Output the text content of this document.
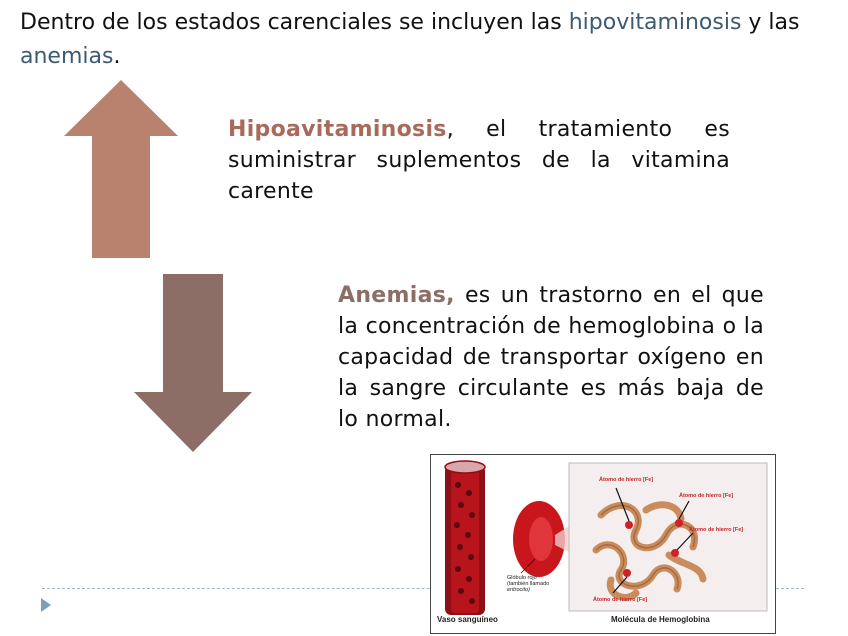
Dentro de los estados carenciales se incluyen las hipovitaminosis y las anemias.
Hipoavitaminosis, el tratamiento es suministrar suplementos de la vitamina carente
Anemias, es un trastorno en el que la concentración de hemoglobina o la capacidad de transportar oxígeno en la sangre circulante es más baja de lo normal.
Átomo de hierro [Fe]
Átomo de hierro [Fe]
Átomo de hierro [Fe]
Átomo de hierro [Fe]
Glóbulo rojo
(también llamado
eritrocito)
Vaso sanguíneo	Molécula de Hemoglobina
